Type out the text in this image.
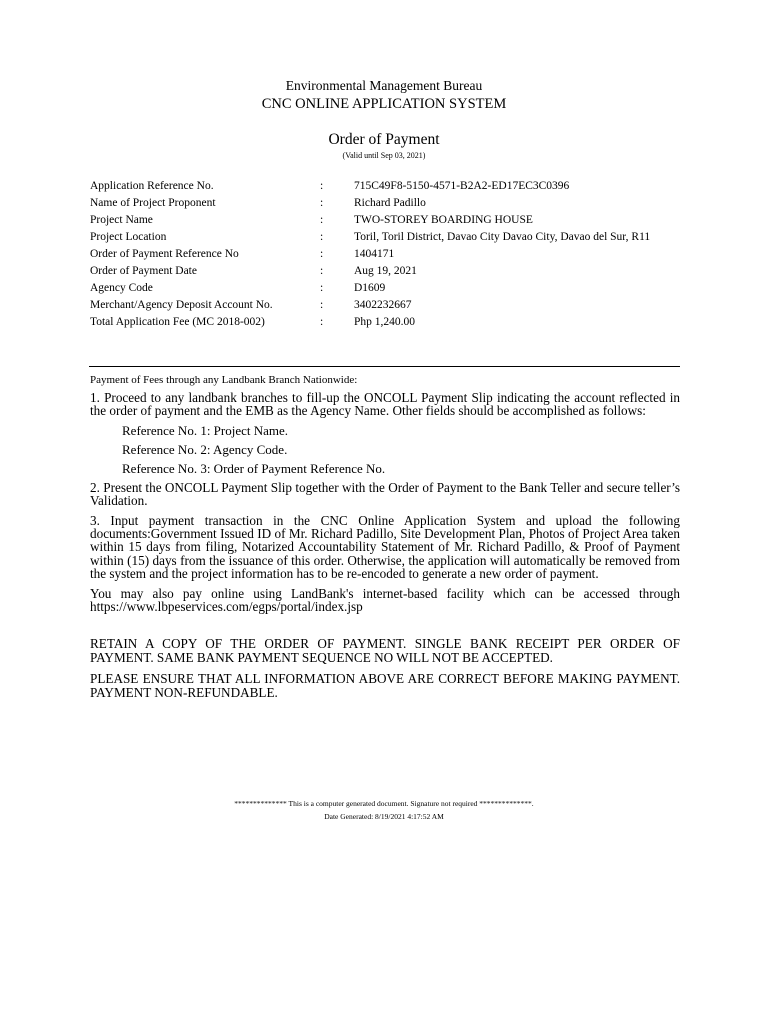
Environmental Management Bureau
CNC ONLINE APPLICATION SYSTEM
Order of Payment
(Valid until Sep 03, 2021)
Application Reference No.	:	715C49F8-5150-4571-B2A2-ED17EC3C0396
Name of Project Proponent	:	Richard Padillo
Project Name	:	TWO-STOREY BOARDING HOUSE
Project Location	:	Toril, Toril District, Davao City Davao City, Davao del Sur, R11
Order of Payment Reference No	:	1404171
Order of Payment Date	:	Aug 19, 2021
Agency Code	:	D1609
Merchant/Agency Deposit Account No.	:	3402232667
Total Application Fee (MC 2018-002)	:	Php 1,240.00

Payment of Fees through any Landbank Branch Nationwide:

1. Proceed to any landbank branches to fill-up the ONCOLL Payment Slip indicating the account reflected in the order of payment and the EMB as the Agency Name. Other fields should be accomplished as follows:

Reference No. 1: Project Name.

Reference No. 2: Agency Code.

Reference No. 3: Order of Payment Reference No.

2. Present the ONCOLL Payment Slip together with the Order of Payment to the Bank Teller and secure teller’s Validation.

3. Input payment transaction in the CNC Online Application System and upload the following documents:Government Issued ID of Mr. Richard Padillo, Site Development Plan, Photos of Project Area taken within 15 days from filing, Notarized Accountability Statement of Mr. Richard Padillo, & Proof of Payment within (15) days from the issuance of this order. Otherwise, the application will automatically be removed from the system and the project information has to be re-encoded to generate a new order of payment.

You may also pay online using LandBank's internet-based facility which can be accessed through https://www.lbpeservices.com/egps/portal/index.jsp

RETAIN A COPY OF THE ORDER OF PAYMENT. SINGLE BANK RECEIPT PER ORDER OF PAYMENT. SAME BANK PAYMENT SEQUENCE NO WILL NOT BE ACCEPTED.

PLEASE ENSURE THAT ALL INFORMATION ABOVE ARE CORRECT BEFORE MAKING PAYMENT. PAYMENT NON-REFUNDABLE.

************** This is a computer generated document. Signature not required **************.
Date Generated: 8/19/2021 4:17:52 AM
